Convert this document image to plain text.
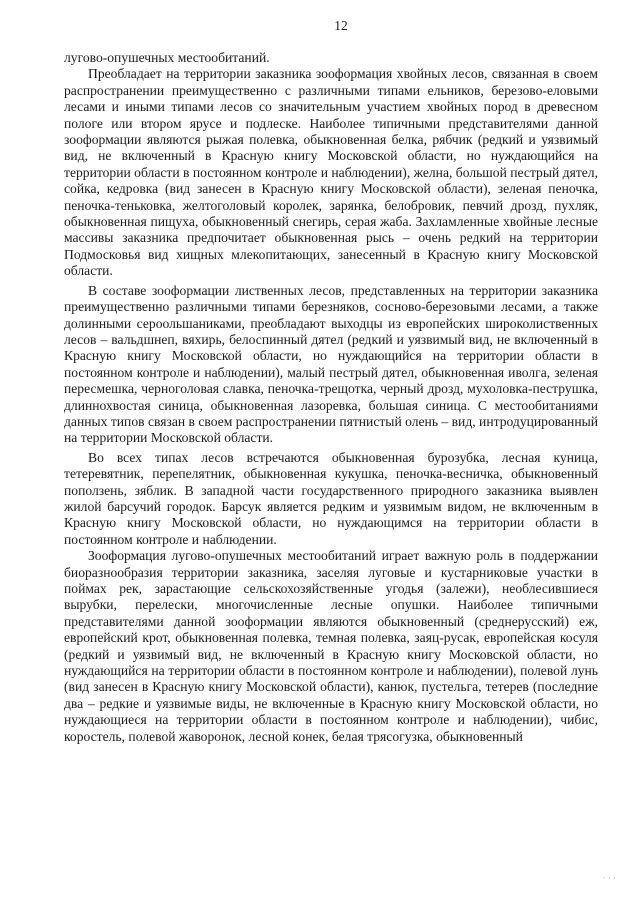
12

лугово-опушечных местообитаний.

Преобладает на территории заказника зооформация хвойных лесов, связанная в своем распространении преимущественно с различными типами ельников, березово-еловыми лесами и иными типами лесов со значительным участием хвойных пород в древесном пологе или втором ярусе и подлеске. Наиболее типичными представителями данной зооформации являются рыжая полевка, обыкновенная белка, рябчик (редкий и уязвимый вид, не включенный в Красную книгу Московской области, но нуждающийся на территории области в постоянном контроле и наблюдении), желна, большой пестрый дятел, сойка, кедровка (вид занесен в Красную книгу Московской области), зеленая пеночка, пеночка-теньковка, желтоголовый королек, зарянка, белобровик, певчий дрозд, пухляк, обыкновенная пищуха, обыкновенный снегирь, серая жаба. Захламленные хвойные лесные массивы заказника предпочитает обыкновенная рысь – очень редкий на территории Подмосковья вид хищных млекопитающих, занесенный в Красную книгу Московской области.

В составе зооформации лиственных лесов, представленных на территории заказника преимущественно различными типами березняков, сосново-березовыми лесами, а также долинными сероольшаниками, преобладают выходцы из европейских широколиственных лесов – вальдшнеп, вяхирь, белоспинный дятел (редкий и уязвимый вид, не включенный в Красную книгу Московской области, но нуждающийся на территории области в постоянном контроле и наблюдении), малый пестрый дятел, обыкновенная иволга, зеленая пересмешка, черноголовая славка, пеночка-трещотка, черный дрозд, мухоловка-пеструшка, длиннохвостая синица, обыкновенная лазоревка, большая синица. С местообитаниями данных типов связан в своем распространении пятнистый олень – вид, интродуцированный на территории Московской области.

Во всех типах лесов встречаются обыкновенная бурозубка, лесная куница, тетеревятник, перепелятник, обыкновенная кукушка, пеночка-весничка, обыкновенный поползень, зяблик. В западной части государственного природного заказника выявлен жилой барсучий городок. Барсук является редким и уязвимым видом, не включенным в Красную книгу Московской области, но нуждающимся на территории области в постоянном контроле и наблюдении.

Зооформация лугово-опушечных местообитаний играет важную роль в поддержании биоразнообразия территории заказника, заселяя луговые и кустарниковые участки в поймах рек, зарастающие сельскохозяйственные угодья (залежи), необлесившиеся вырубки, перелески, многочисленные лесные опушки. Наиболее типичными представителями данной зооформации являются обыкновенный (среднерусский) еж, европейский крот, обыкновенная полевка, темная полевка, заяц-русак, европейская косуля (редкий и уязвимый вид, не включенный в Красную книгу Московской области, но нуждающийся на территории области в постоянном контроле и наблюдении), полевой лунь (вид занесен в Красную книгу Московской области), канюк, пустельга, тетерев (последние два – редкие и уязвимые виды, не включенные в Красную книгу Московской области, но нуждающиеся на территории области в постоянном контроле и наблюдении), чибис, коростель, полевой жаворонок, лесной конек, белая трясогузка, обыкновенный

· · ·
